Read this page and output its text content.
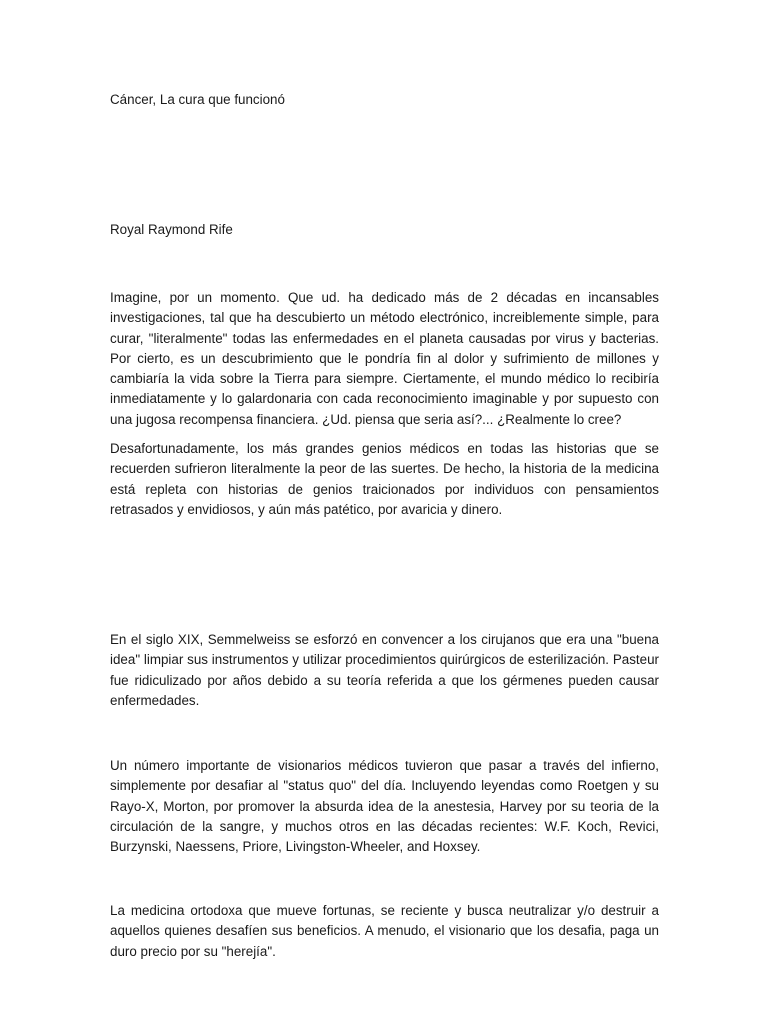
Cáncer, La cura que funcionó
Royal Raymond Rife

Imagine, por un momento. Que ud. ha dedicado más de 2 décadas en incansables investigaciones, tal que ha descubierto un método electrónico, increiblemente simple, para curar, "literalmente" todas las enfermedades en el planeta causadas por virus y bacterias. Por cierto, es un descubrimiento que le pondría fin al dolor y sufrimiento de millones y cambiaría la vida sobre la Tierra para siempre. Ciertamente, el mundo médico lo recibiría inmediatamente y lo galardonaria con cada reconocimiento imaginable y por supuesto con una jugosa recompensa financiera. ¿Ud. piensa que seria así?... ¿Realmente lo cree?

Desafortunadamente, los más grandes genios médicos en todas las historias que se recuerden sufrieron literalmente la peor de las suertes. De hecho, la historia de la medicina está repleta con historias de genios traicionados por individuos con pensamientos retrasados y envidiosos, y aún más patético, por avaricia y dinero.

En el siglo XIX, Semmelweiss se esforzó en convencer a los cirujanos que era una "buena idea" limpiar sus instrumentos y utilizar procedimientos quirúrgicos de esterilización. Pasteur fue ridiculizado por años debido a su teoría referida a que los gérmenes pueden causar enfermedades.

Un número importante de visionarios médicos tuvieron que pasar a través del infierno, simplemente por desafiar al "status quo" del día. Incluyendo leyendas como Roetgen y su Rayo-X, Morton, por promover la absurda idea de la anestesia, Harvey por su teoria de la circulación de la sangre, y muchos otros en las décadas recientes: W.F. Koch, Revici, Burzynski, Naessens, Priore, Livingston-Wheeler, and Hoxsey.

La medicina ortodoxa que mueve fortunas, se reciente y busca neutralizar y/o destruir a aquellos quienes desafíen sus beneficios. A menudo, el visionario que los desafia, paga un duro precio por su "herejía".
